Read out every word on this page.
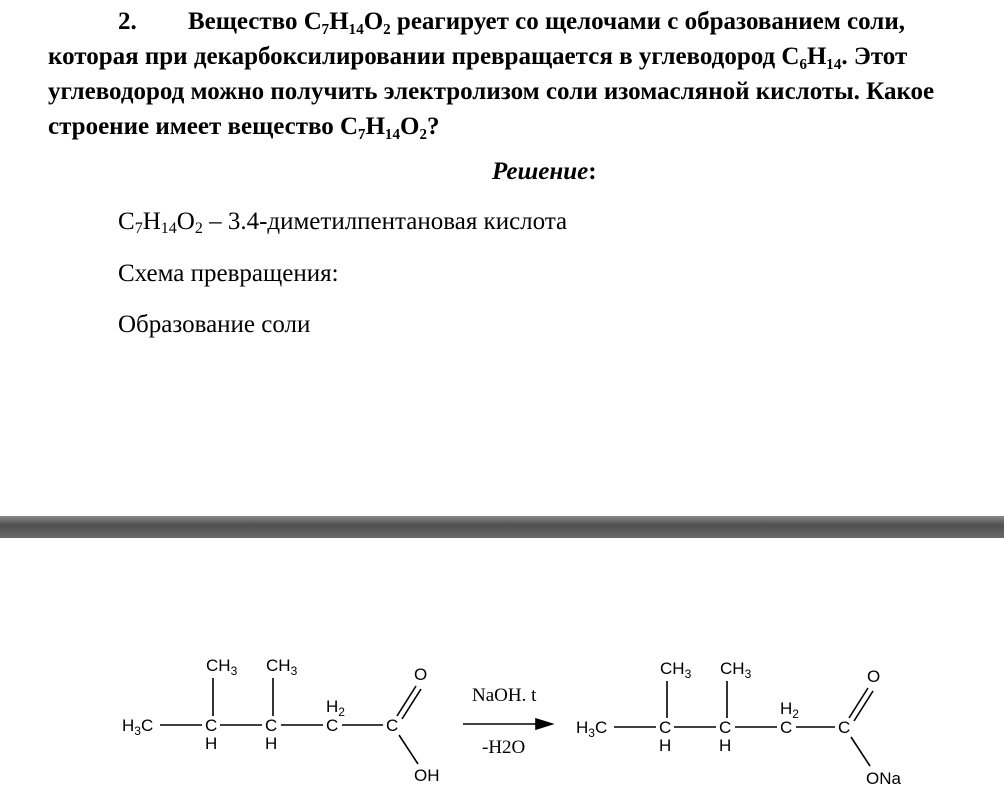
2. Вещество C₇H₁₄O₂ реагирует со щелочами с образованием соли, которая при декарбоксилировании превращается в углеводород C₆H₁₄. Этот углеводород можно получить электролизом соли изомасляной кислоты. Какое строение имеет вещество C₇H₁₄O₂?

Решение:

$C_7H_{14}O_2$ – 3.4-диметилпентановая кислота

Схема превращения:

Образование соли

$CH_3$ $CH_3$
$H_3C$	C
H
C
H
$H_2$
C	C
O
OH
NaOH. t
-H2O
$CH_3$ $CH_3$
$H_3C$	C
H
C
H
$H_2$
C	C
O
ONa
